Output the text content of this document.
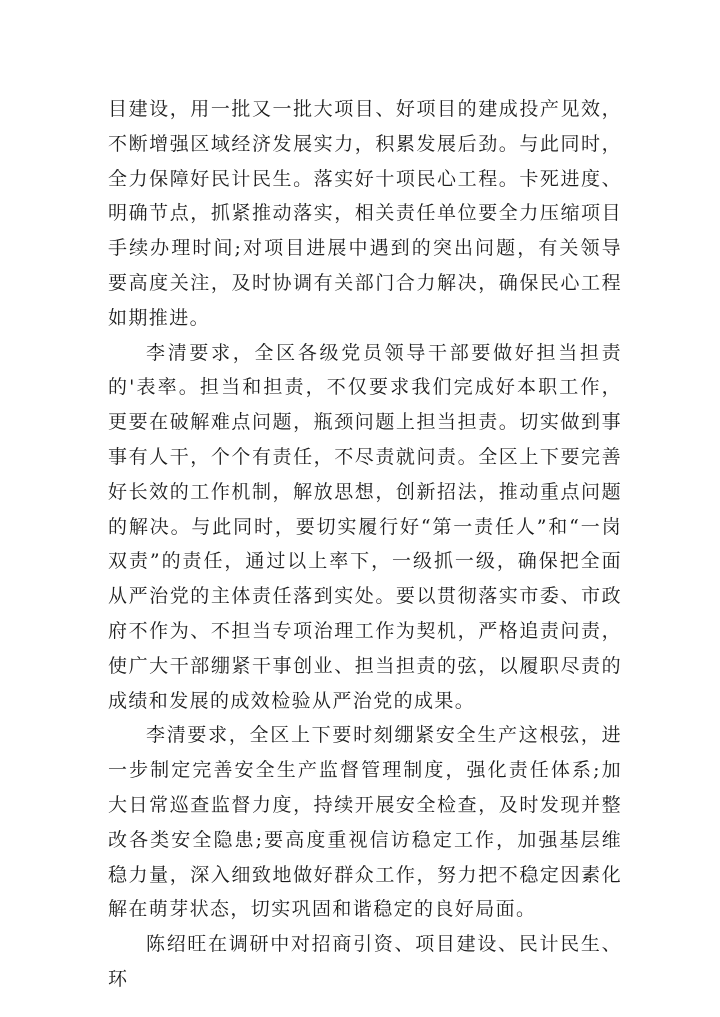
目建设，用一批又一批大项目、好项目的建成投产见效，不断增强区域经济发展实力，积累发展后劲。与此同时，全力保障好民计民生。落实好十项民心工程。卡死进度、明确节点，抓紧推动落实，相关责任单位要全力压缩项目手续办理时间;对项目进展中遇到的突出问题，有关领导要高度关注，及时协调有关部门合力解决，确保民心工程如期推进。

李清要求，全区各级党员领导干部要做好担当担责的'表率。担当和担责，不仅要求我们完成好本职工作，更要在破解难点问题，瓶颈问题上担当担责。切实做到事事有人干，个个有责任，不尽责就问责。全区上下要完善好长效的工作机制，解放思想，创新招法，推动重点问题的解决。与此同时，要切实履行好“第一责任人”和“一岗双责”的责任，通过以上率下，一级抓一级，确保把全面从严治党的主体责任落到实处。要以贯彻落实市委、市政府不作为、不担当专项治理工作为契机，严格追责问责，使广大干部绷紧干事创业、担当担责的弦，以履职尽责的成绩和发展的成效检验从严治党的成果。

李清要求，全区上下要时刻绷紧安全生产这根弦，进一步制定完善安全生产监督管理制度，强化责任体系;加大日常巡查监督力度，持续开展安全检查，及时发现并整改各类安全隐患;要高度重视信访稳定工作，加强基层维稳力量，深入细致地做好群众工作，努力把不稳定因素化解在萌芽状态，切实巩固和谐稳定的良好局面。

陈绍旺在调研中对招商引资、项目建设、民计民生、环
